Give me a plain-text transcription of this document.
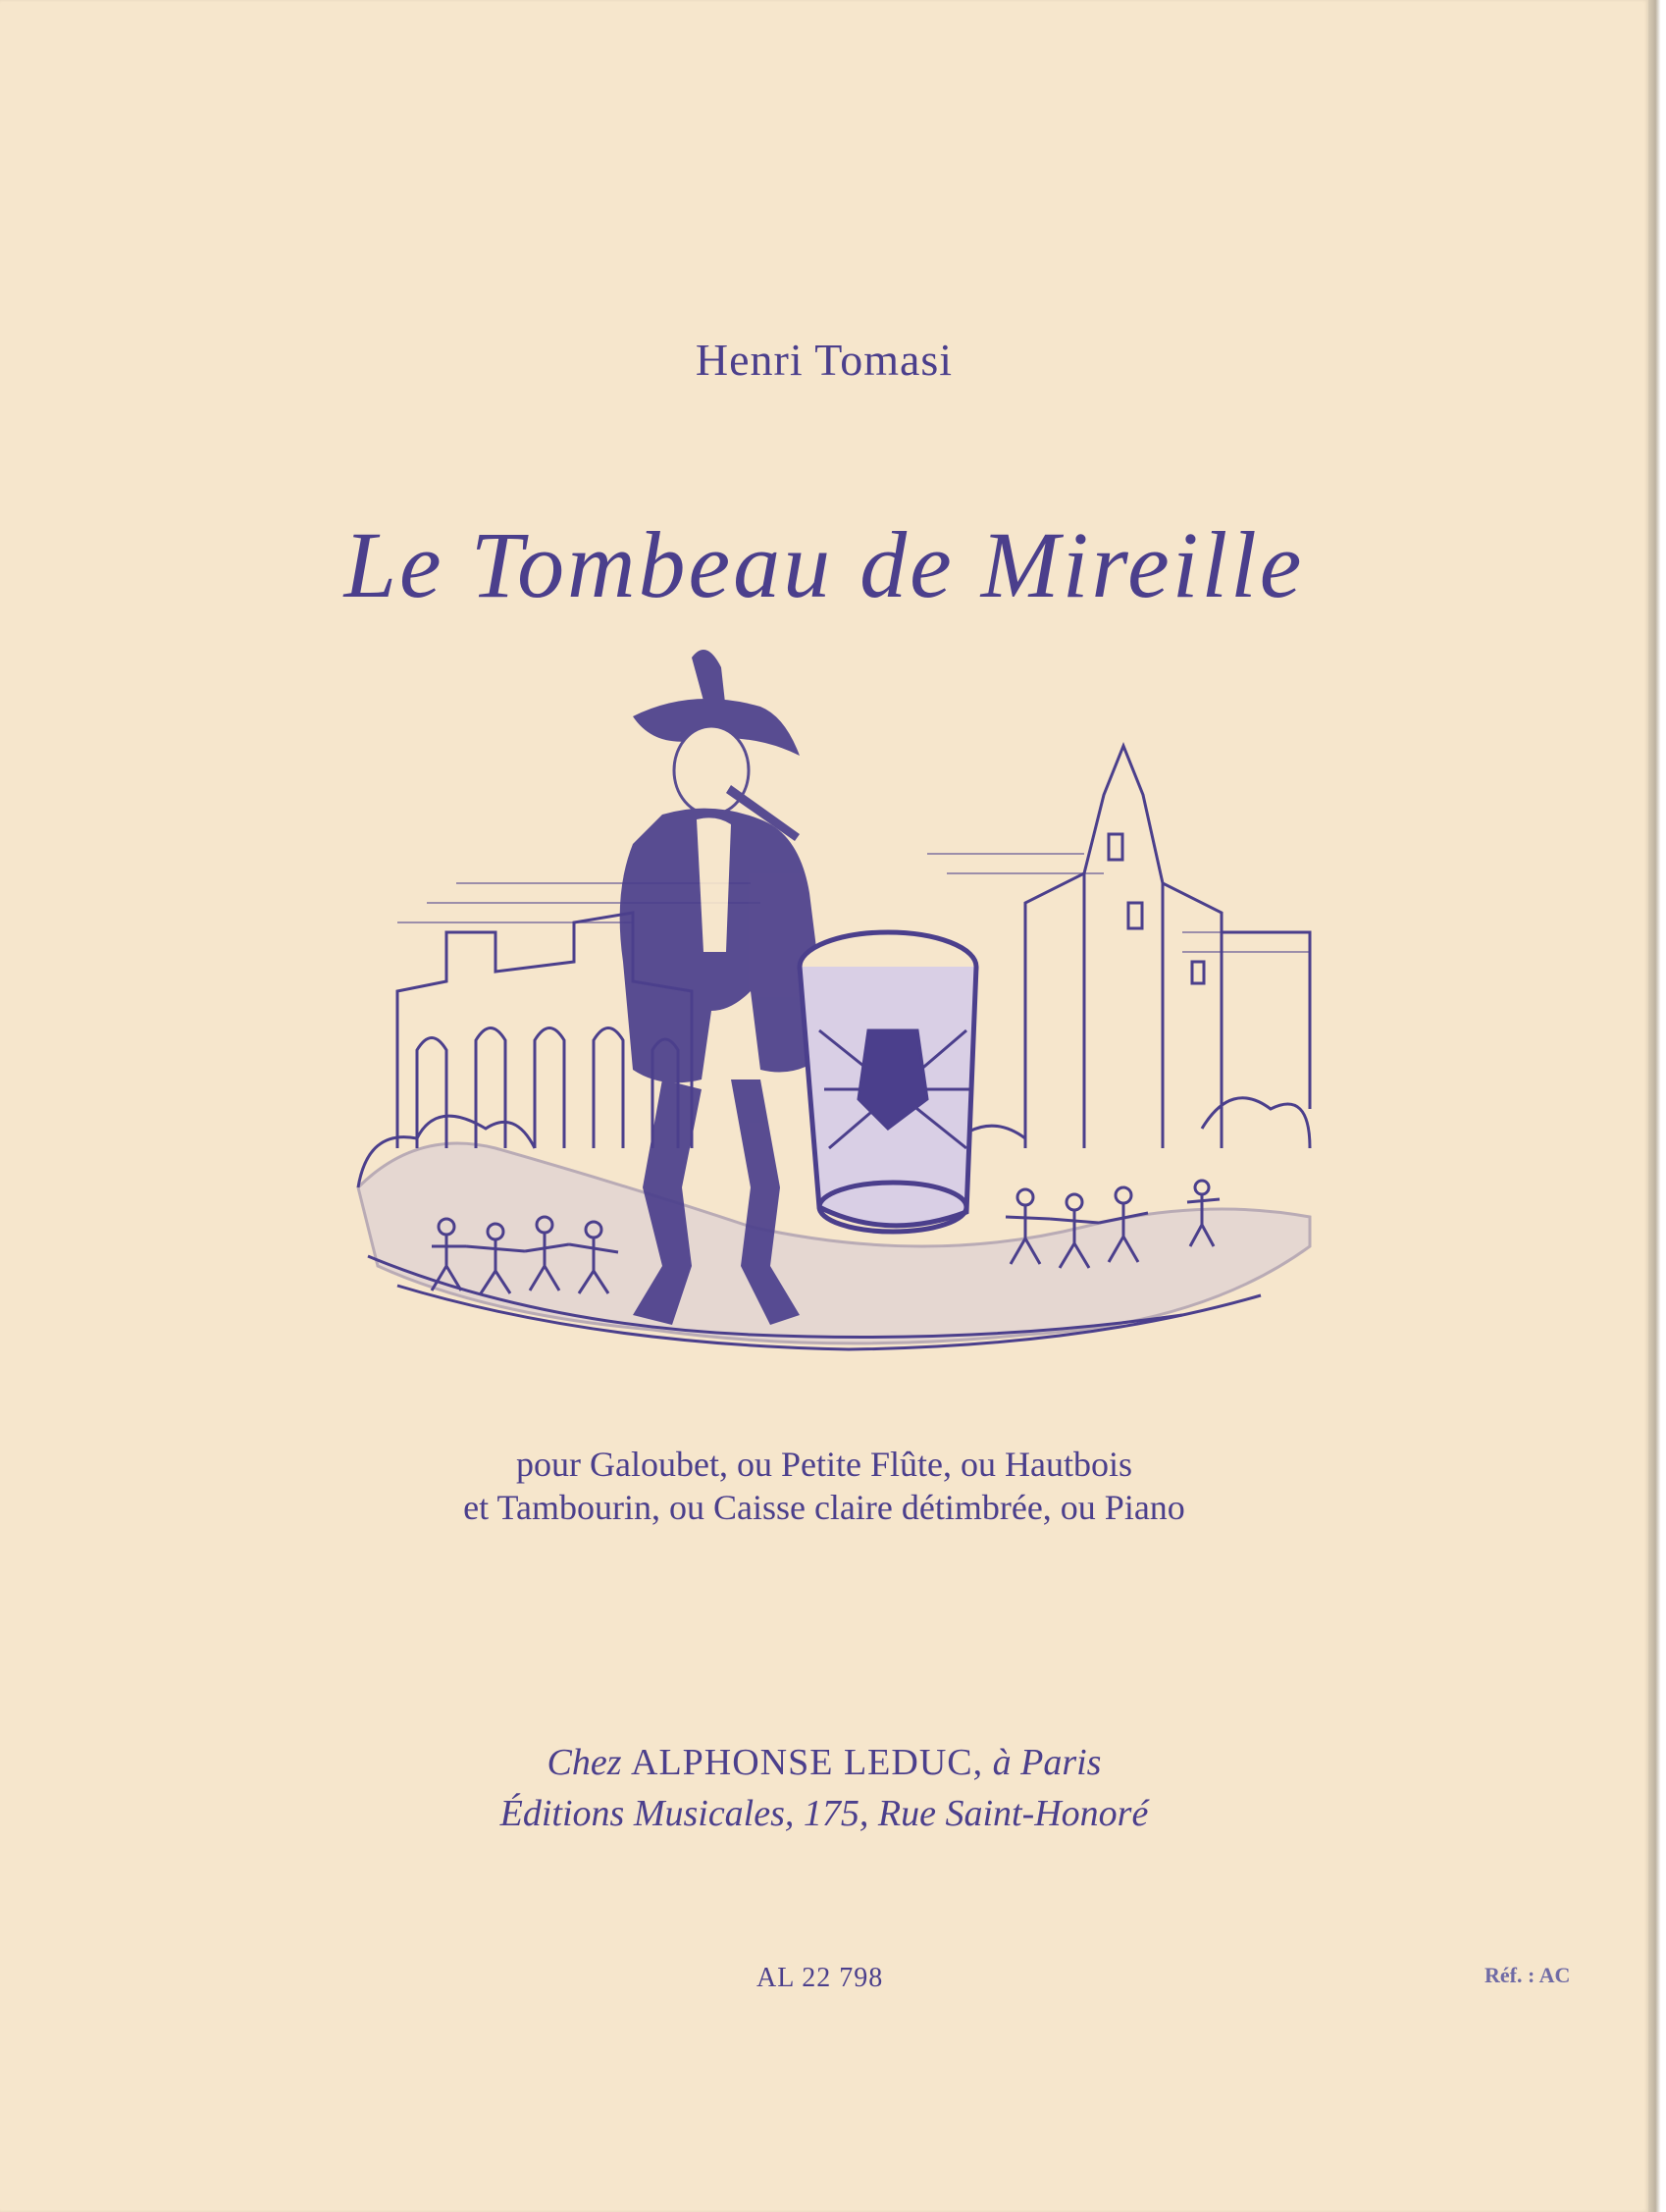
Henri Tomasi
Le Tombeau de Mireille
pour Galoubet, ou Petite Flûte, ou Hautbois
et Tambourin, ou Caisse claire détimbrée, ou Piano
Chez ALPHONSE LEDUC, à Paris
Éditions Musicales, 175, Rue Saint-Honoré
AL 22 798	Réf. : AC
